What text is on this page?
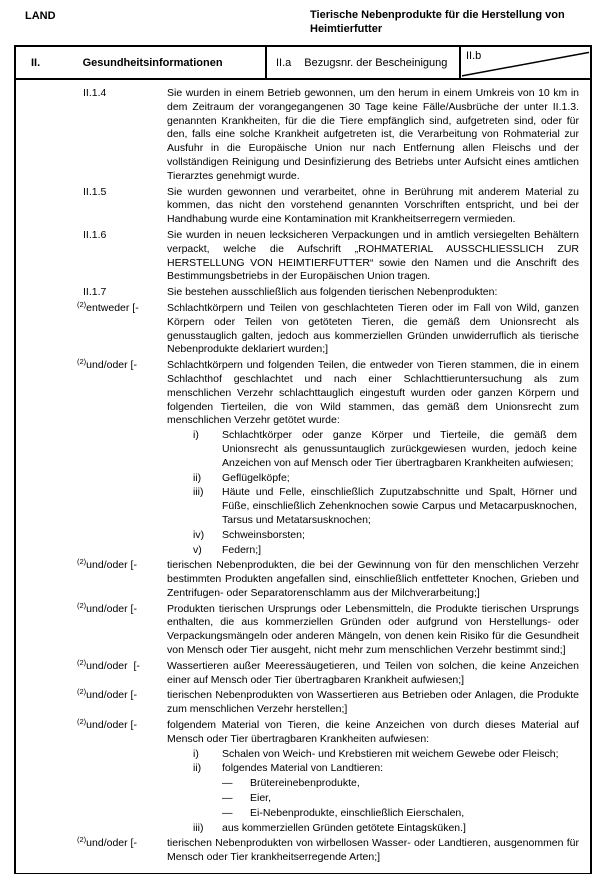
LAND	Tierische Nebenprodukte für die Herstellung von
Heimtierfutter
II.	Gesundheitsinformationen	II.a Bezugsnr. der Bescheinigung
II.b
II.1.4	Sie wurden in einem Betrieb gewonnen, um den herum in einem Umkreis von 10 km in dem Zeitraum der vorangegangenen 30 Tage keine Fälle/Ausbrüche der unter II.1.3. genannten Krankheiten, für die die Tiere empfänglich sind, aufgetreten sind, oder für den, falls eine solche Krankheit aufgetreten ist, die Verarbeitung von Rohmaterial zur Ausfuhr in die Europäische Union nur nach Entfernung allen Fleischs und der vollständigen Reinigung und Desinfizierung des Betriebs unter Aufsicht eines amtlichen Tierarztes genehmigt wurde.
II.1.5	Sie wurden gewonnen und verarbeitet, ohne in Berührung mit anderem Material zu kommen, das nicht den vorstehend genannten Vorschriften entspricht, und bei der Handhabung wurde eine Kontamination mit Krankheitserregern vermieden.
II.1.6	Sie wurden in neuen lecksicheren Verpackungen und in amtlich versiegelten Behältern verpackt, welche die Aufschrift „ROHMATERIAL AUSSCHLIESSLICH ZUR HERSTELLUNG VON HEIMTIERFUTTER“ sowie den Namen und die Anschrift des Bestimmungsbetriebs in der Europäischen Union tragen.
II.1.7	Sie bestehen ausschließlich aus folgenden tierischen Nebenprodukten:
$^{(2)}$entweder [-	Schlachtkörpern und Teilen von geschlachteten Tieren oder im Fall von Wild, ganzen Körpern oder Teilen von getöteten Tieren, die gemäß dem Unionsrecht als genusstauglich galten, jedoch aus kommerziellen Gründen unwiderruflich als tierische Nebenprodukte deklariert wurden;]
$^{(2)}$und/oder [-	Schlachtkörpern und folgenden Teilen, die entweder von Tieren stammen, die in einem Schlachthof geschlachtet und nach einer Schlachttieruntersuchung als zum menschlichen Verzehr schlachttauglich eingestuft wurden oder ganzen Körpern und folgenden Tierteilen, die von Wild stammen, das gemäß dem Unionsrecht zum menschlichen Verzehr getötet wurde:
i)	Schlachtkörper oder ganze Körper und Tierteile, die gemäß dem Unionsrecht als genussuntauglich zurückgewiesen wurden, jedoch keine Anzeichen von auf Mensch oder Tier übertragbaren Krankheiten aufwiesen;
ii)	Geflügelköpfe;
iii)	Häute und Felle, einschließlich Zuputzabschnitte und Spalt, Hörner und Füße, einschließlich Zehenknochen sowie Carpus und Metacarpusknochen, Tarsus und Metatarsusknochen;
iv)	Schweinsborsten;
v)	Federn;]
$^{(2)}$und/oder [-	tierischen Nebenprodukten, die bei der Gewinnung von für den menschlichen Verzehr bestimmten Produkten angefallen sind, einschließlich entfetteter Knochen, Grieben und Zentrifugen- oder Separatorenschlamm aus der Milchverarbeitung;]
$^{(2)}$und/oder [-	Produkten tierischen Ursprungs oder Lebensmitteln, die Produkte tierischen Ursprungs enthalten, die aus kommerziellen Gründen oder aufgrund von Herstellungs- oder Verpackungsmängeln oder anderen Mängeln, von denen kein Risiko für die Gesundheit von Mensch oder Tier ausgeht, nicht mehr zum menschlichen Verzehr bestimmt sind;]
$^{(2)}$und/oder  [-	Wassertieren außer Meeressäugetieren, und Teilen von solchen, die keine Anzeichen einer auf Mensch oder Tier übertragbaren Krankheit aufwiesen;]
$^{(2)}$und/oder [-	tierischen Nebenprodukten von Wassertieren aus Betrieben oder Anlagen, die Produkte zum menschlichen Verzehr herstellen;]
$^{(2)}$und/oder [-	folgendem Material von Tieren, die keine Anzeichen von durch dieses Material auf Mensch oder Tier übertragbaren Krankheiten aufwiesen:
i)	Schalen von Weich- und Krebstieren mit weichem Gewebe oder Fleisch;
ii)	folgendes Material von Landtieren:
—	Brütereinebenprodukte,
—	Eier,
—	Ei-Nebenprodukte, einschließlich Eierschalen,
iii)	aus kommerziellen Gründen getötete Eintagsküken.]
$^{(2)}$und/oder [-	tierischen Nebenprodukten von wirbellosen Wasser- oder Landtieren, ausgenommen für Mensch oder Tier krankheitserregende Arten;]
